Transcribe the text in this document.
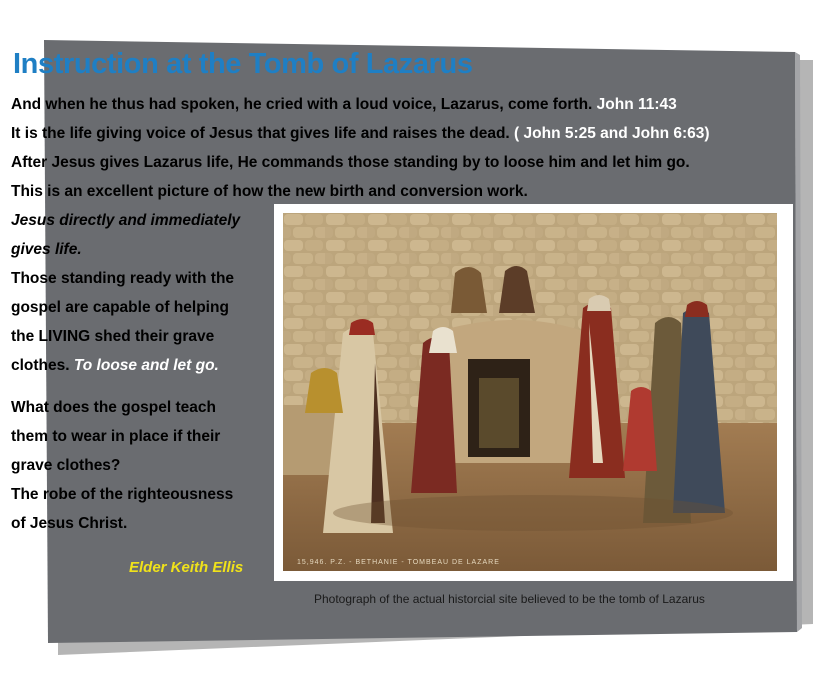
Instruction at the Tomb of Lazarus

And when he thus had spoken, he cried with a loud voice, Lazarus, come forth. John 11:43

It is the life giving voice of Jesus that gives life and raises the dead. ( John 5:25 and John 6:63)

After Jesus gives Lazarus life, He commands those standing by to loose him and let him go.

This is an excellent picture of how the new birth and conversion work.

Jesus directly and immediately

gives life.

Those standing ready with the

gospel are capable of helping

the LIVING shed their grave

clothes. To loose and let go.

What does the gospel teach

them to wear in place if their

grave clothes?

The robe of the righteousness

of Jesus Christ.

Elder Keith Ellis	15,946. P.Z. - BETHANIE - TOMBEAU DE LAZARE
Photograph of the actual historcial site believed to be the tomb of Lazarus
